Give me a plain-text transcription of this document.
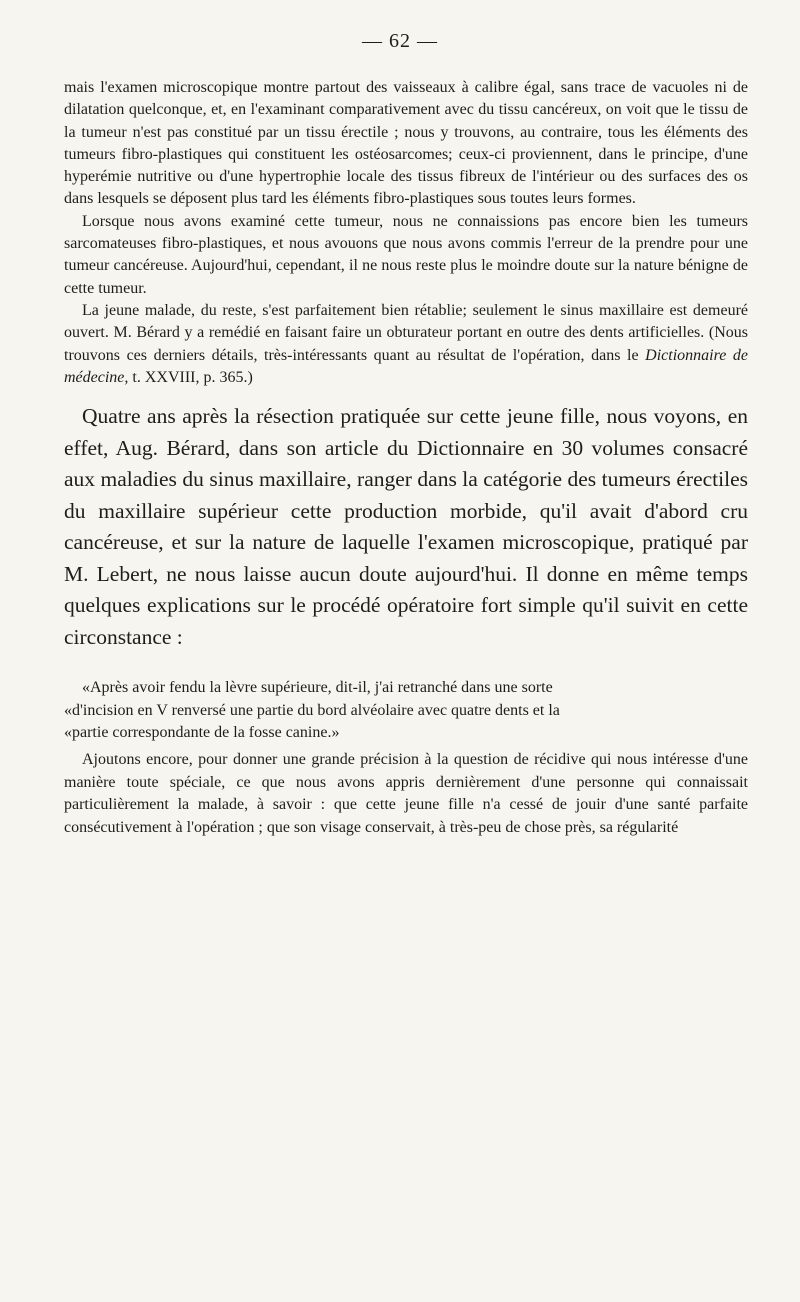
— 62 —

mais l'examen microscopique montre partout des vaisseaux à calibre égal, sans trace de vacuoles ni de dilatation quelconque, et, en l'examinant comparativement avec du tissu cancéreux, on voit que le tissu de la tumeur n'est pas constitué par un tissu érectile ; nous y trouvons, au contraire, tous les éléments des tumeurs fibro-plastiques qui constituent les ostéosarcomes; ceux-ci proviennent, dans le principe, d'une hyperémie nutritive ou d'une hypertrophie locale des tissus fibreux de l'intérieur ou des surfaces des os dans lesquels se déposent plus tard les éléments fibro-plastiques sous toutes leurs formes.

Lorsque nous avons examiné cette tumeur, nous ne connaissions pas encore bien les tumeurs sarcomateuses fibro-plastiques, et nous avouons que nous avons commis l'erreur de la prendre pour une tumeur cancéreuse. Aujourd'hui, cependant, il ne nous reste plus le moindre doute sur la nature bénigne de cette tumeur.

La jeune malade, du reste, s'est parfaitement bien rétablie; seulement le sinus maxillaire est demeuré ouvert. M. Bérard y a remédié en faisant faire un obturateur portant en outre des dents artificielles. (Nous trouvons ces derniers détails, très-intéressants quant au résultat de l'opération, dans le Dictionnaire de médecine, t. XXVIII, p. 365.)

Quatre ans après la résection pratiquée sur cette jeune fille, nous voyons, en effet, Aug. Bérard, dans son article du Dictionnaire en 30 volumes consacré aux maladies du sinus maxillaire, ranger dans la catégorie des tumeurs érectiles du maxillaire supérieur cette production morbide, qu'il avait d'abord cru cancéreuse, et sur la nature de laquelle l'examen microscopique, pratiqué par M. Lebert, ne nous laisse aucun doute aujourd'hui. Il donne en même temps quelques explications sur le procédé opératoire fort simple qu'il suivit en cette circonstance :

«Après avoir fendu la lèvre supérieure, dit-il, j'ai retranché dans une sorte

«d'incision en V renversé une partie du bord alvéolaire avec quatre dents et la

«partie correspondante de la fosse canine.»

Ajoutons encore, pour donner une grande précision à la question de récidive qui nous intéresse d'une manière toute spéciale, ce que nous avons appris dernièrement d'une personne qui connaissait particulièrement la malade, à savoir : que cette jeune fille n'a cessé de jouir d'une santé parfaite consécutivement à l'opération ; que son visage conservait, à très-peu de chose près, sa régularité
